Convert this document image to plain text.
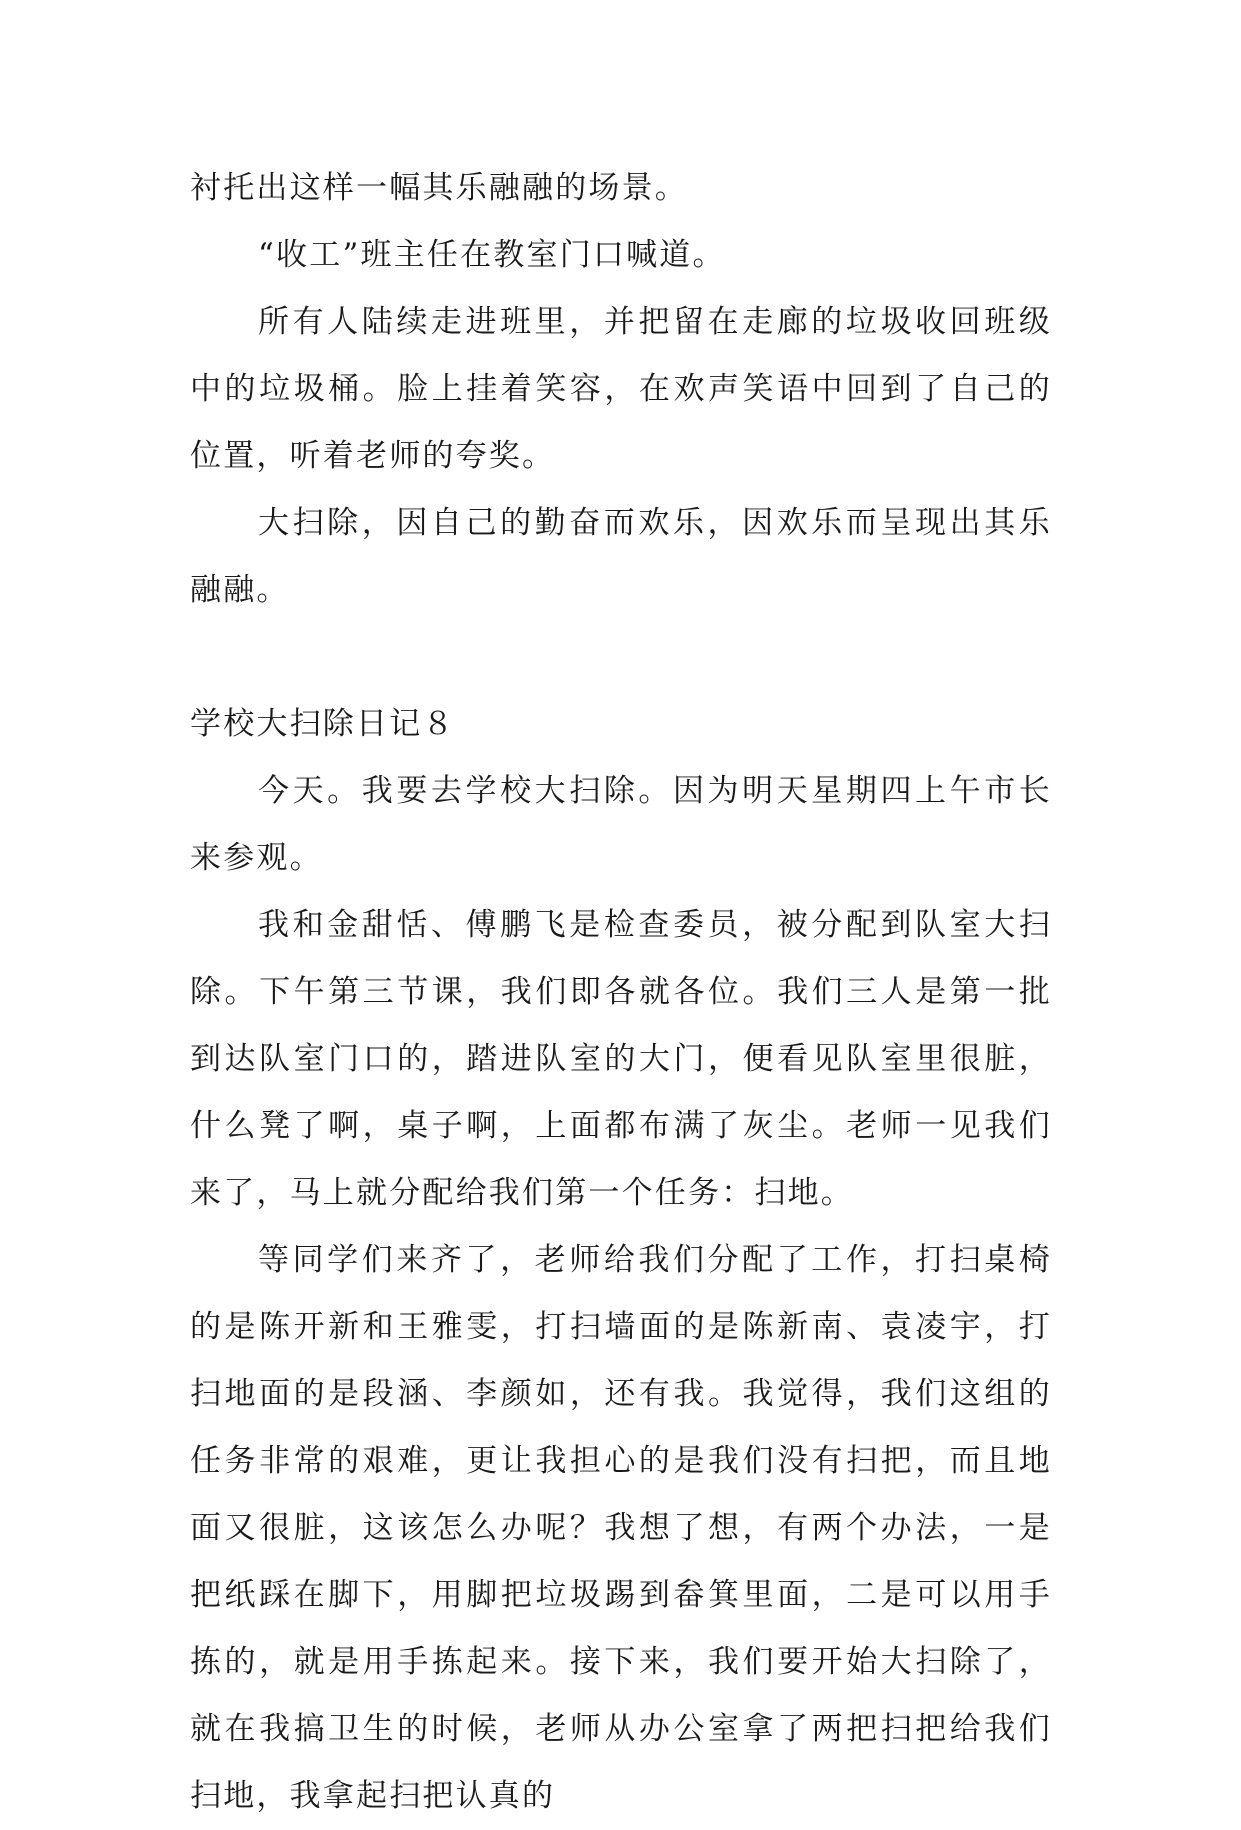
衬托出这样一幅其乐融融的场景。

“收工”班主任在教室门口喊道。

所有人陆续走进班里，并把留在走廊的垃圾收回班级中的垃圾桶。脸上挂着笑容，在欢声笑语中回到了自己的位置，听着老师的夸奖。

大扫除，因自己的勤奋而欢乐，因欢乐而呈现出其乐融融。

学校大扫除日记８

今天。我要去学校大扫除。因为明天星期四上午市长来参观。

我和金甜恬、傅鹏飞是检查委员，被分配到队室大扫除。下午第三节课，我们即各就各位。我们三人是第一批到达队室门口的，踏进队室的大门，便看见队室里很脏，什么凳了啊，桌子啊，上面都布满了灰尘。老师一见我们来了，马上就分配给我们第一个任务：扫地。

等同学们来齐了，老师给我们分配了工作，打扫桌椅的是陈开新和王雅雯，打扫墙面的是陈新南、袁凌宇，打扫地面的是段涵、李颜如，还有我。我觉得，我们这组的任务非常的艰难，更让我担心的是我们没有扫把，而且地面又很脏，这该怎么办呢？我想了想，有两个办法，一是把纸踩在脚下，用脚把垃圾踢到畚箕里面，二是可以用手拣的，就是用手拣起来。接下来，我们要开始大扫除了，就在我搞卫生的时候，老师从办公室拿了两把扫把给我们扫地，我拿起扫把认真的
